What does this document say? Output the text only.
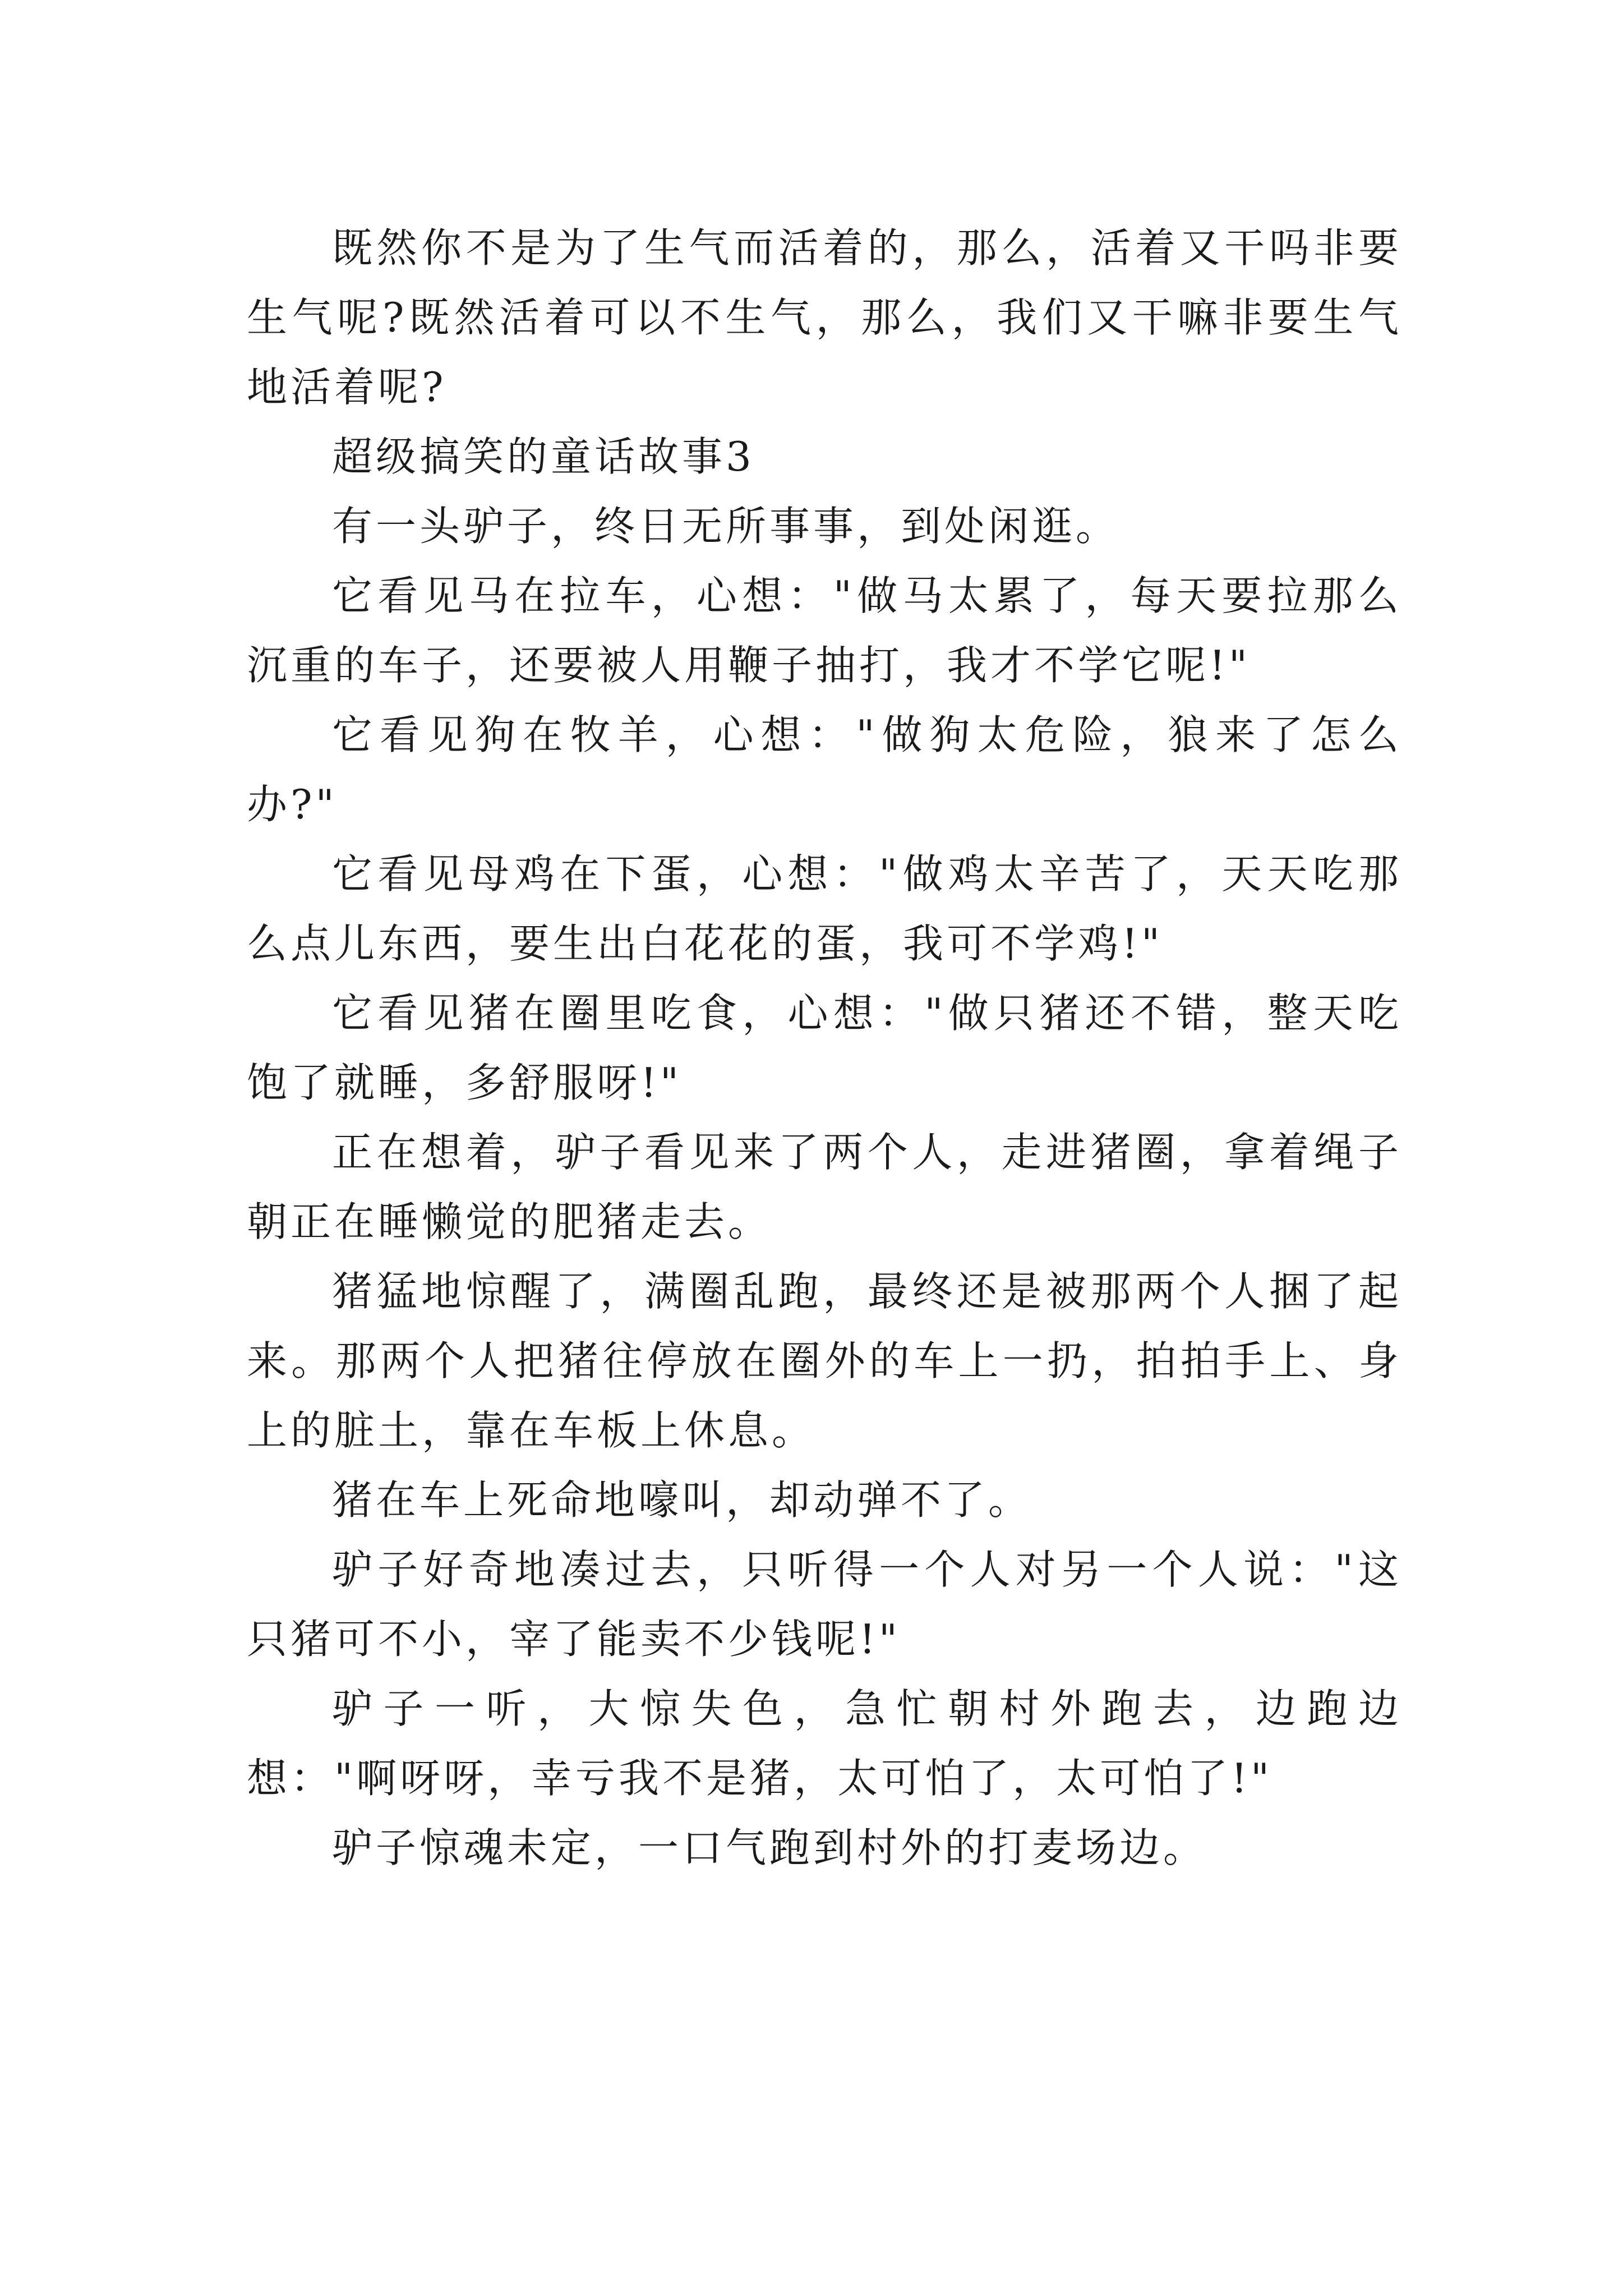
既然你不是为了生气而活着的，那么，活着又干吗非要生气呢?既然活着可以不生气，那么，我们又干嘛非要生气地活着呢?

超级搞笑的童话故事3

有一头驴子，终日无所事事，到处闲逛。

它看见马在拉车，心想："做马太累了，每天要拉那么沉重的车子，还要被人用鞭子抽打，我才不学它呢!"

它看见狗在牧羊，心想："做狗太危险，狼来了怎么办?"

它看见母鸡在下蛋，心想："做鸡太辛苦了，天天吃那么点儿东西，要生出白花花的蛋，我可不学鸡!"

它看见猪在圈里吃食，心想："做只猪还不错，整天吃饱了就睡，多舒服呀!"

正在想着，驴子看见来了两个人，走进猪圈，拿着绳子朝正在睡懒觉的肥猪走去。

猪猛地惊醒了，满圈乱跑，最终还是被那两个人捆了起来。那两个人把猪往停放在圈外的车上一扔，拍拍手上、身上的脏土，靠在车板上休息。

猪在车上死命地嚎叫，却动弹不了。

驴子好奇地凑过去，只听得一个人对另一个人说："这只猪可不小，宰了能卖不少钱呢!"

驴子一听，大惊失色，急忙朝村外跑去，边跑边想："啊呀呀，幸亏我不是猪，太可怕了，太可怕了!"

驴子惊魂未定，一口气跑到村外的打麦场边。
